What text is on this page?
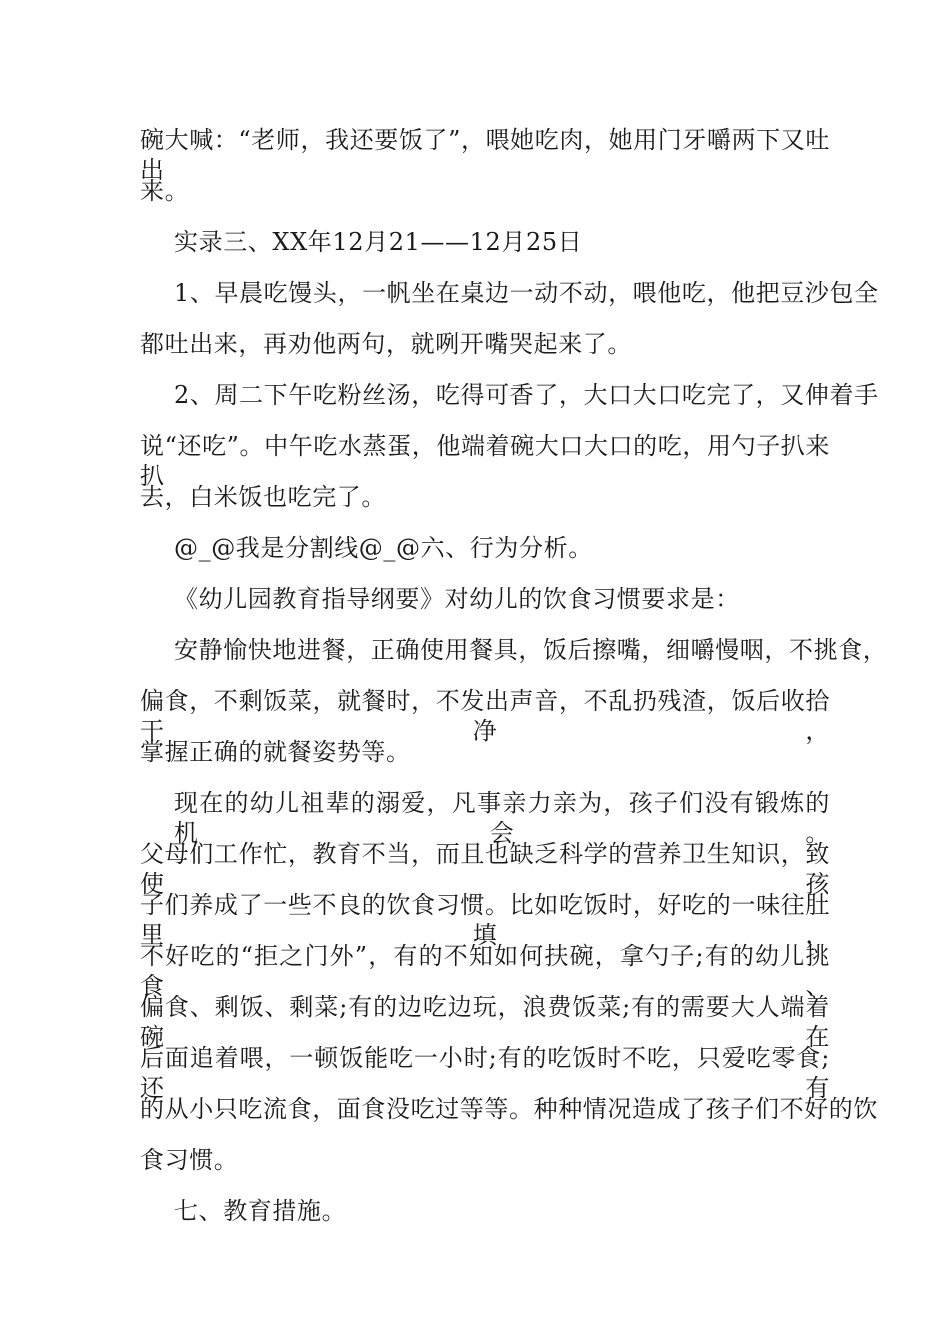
碗大喊：“老师，我还要饭了”，喂她吃肉，她用门牙嚼两下又吐出
来。
实录三、XX年12月21——12月25日
1、早晨吃馒头，一帆坐在桌边一动不动，喂他吃，他把豆沙包全
都吐出来，再劝他两句，就咧开嘴哭起来了。
2、周二下午吃粉丝汤，吃得可香了，大口大口吃完了，又伸着手
说“还吃”。中午吃水蒸蛋，他端着碗大口大口的吃，用勺子扒来扒
去，白米饭也吃完了。
@_@我是分割线@_@六、行为分析。
《幼儿园教育指导纲要》对幼儿的饮食习惯要求是：
安静愉快地进餐，正确使用餐具，饭后擦嘴，细嚼慢咽，不挑食，
偏食，不剩饭菜，就餐时，不发出声音，不乱扔残渣，饭后收拾干净，
掌握正确的就餐姿势等。
现在的幼儿祖辈的溺爱，凡事亲力亲为，孩子们没有锻炼的机会。
父母们工作忙，教育不当，而且也缺乏科学的营养卫生知识，致使孩
子们养成了一些不良的饮食习惯。比如吃饭时，好吃的一味往肚里填，
不好吃的“拒之门外”，有的不知如何扶碗，拿勺子;有的幼儿挑食、
偏食、剩饭、剩菜;有的边吃边玩，浪费饭菜;有的需要大人端着碗在
后面追着喂，一顿饭能吃一小时;有的吃饭时不吃，只爱吃零食;还有
的从小只吃流食，面食没吃过等等。种种情况造成了孩子们不好的饮
食习惯。
七、教育措施。
